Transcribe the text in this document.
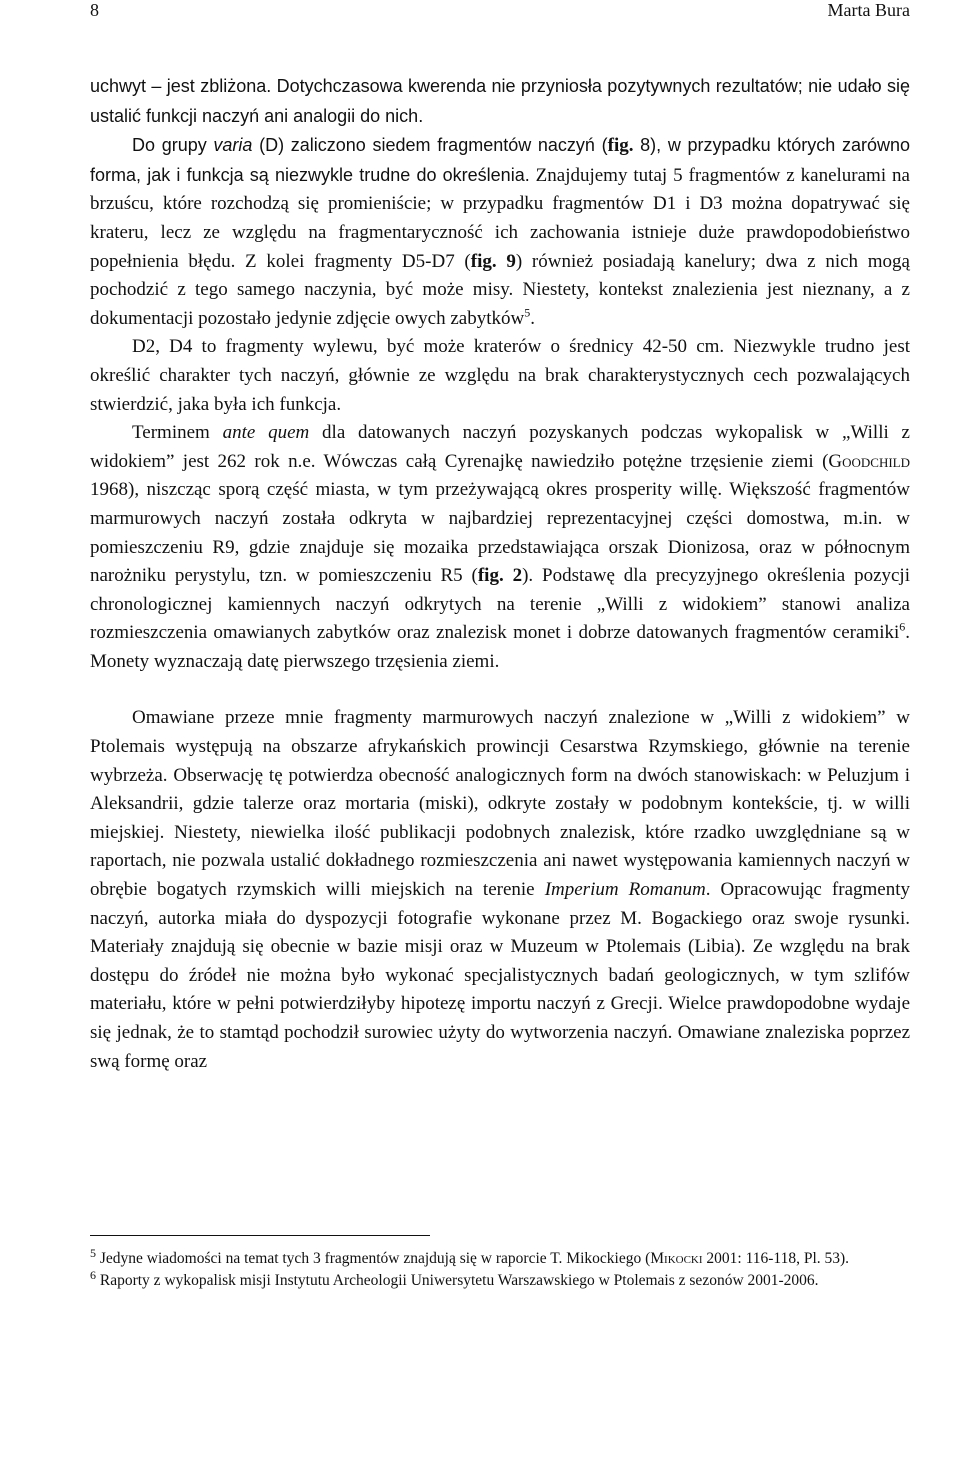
8	Marta Bura

uchwyt – jest zbliżona. Dotychczasowa kwerenda nie przyniosła pozytywnych rezultatów; nie udało się ustalić funkcji naczyń ani analogii do nich.

Do grupy varia (D) zaliczono siedem fragmentów naczyń (fig. 8), w przypadku których zarówno forma, jak i funkcja są niezwykle trudne do określenia. Znajdujemy tutaj 5 fragmentów z kanelurami na brzuścu, które rozchodzą się promieniście; w przypadku fragmentów D1 i D3 można dopatrywać się krateru, lecz ze względu na fragmentaryczność ich zachowania istnieje duże prawdopodobieństwo popełnienia błędu. Z kolei fragmenty D5-D7 (fig. 9) również posiadają kanelury; dwa z nich mogą pochodzić z tego samego naczynia, być może misy. Niestety, kontekst znalezienia jest nieznany, a z dokumentacji pozostało jedynie zdjęcie owych zabytków$^5$.

D2, D4 to fragmenty wylewu, być może kraterów o średnicy 42-50 cm. Niezwykle trudno jest określić charakter tych naczyń, głównie ze względu na brak charakterystycznych cech pozwalających stwierdzić, jaka była ich funkcja.

Terminem ante quem dla datowanych naczyń pozyskanych podczas wykopalisk w „Willi z widokiem” jest 262 rok n.e. Wówczas całą Cyrenajkę nawiedziło potężne trzęsienie ziemi (Goodchild 1968), niszcząc sporą część miasta, w tym przeżywającą okres prosperity willę. Większość fragmentów marmurowych naczyń została odkryta w najbardziej reprezentacyjnej części domostwa, m.in. w pomieszczeniu R9, gdzie znajduje się mozaika przedstawiająca orszak Dionizosa, oraz w północnym narożniku perystylu, tzn. w pomieszczeniu R5 (fig. 2). Podstawę dla precyzyjnego określenia pozycji chronologicznej kamiennych naczyń odkrytych na terenie „Willi z widokiem” stanowi analiza rozmieszczenia omawianych zabytków oraz znalezisk monet i dobrze datowanych fragmentów ceramiki$^6$. Monety wyznaczają datę pierwszego trzęsienia ziemi.

Omawiane przeze mnie fragmenty marmurowych naczyń znalezione w „Willi z widokiem” w Ptolemais występują na obszarze afrykańskich prowincji Cesarstwa Rzymskiego, głównie na terenie wybrzeża. Obserwację tę potwierdza obecność analogicznych form na dwóch stanowiskach: w Peluzjum i Aleksandrii, gdzie talerze oraz mortaria (miski), odkryte zostały w podobnym kontekście, tj. w willi miejskiej. Niestety, niewielka ilość publikacji podobnych znalezisk, które rzadko uwzględniane są w raportach, nie pozwala ustalić dokładnego rozmieszczenia ani nawet występowania kamiennych naczyń w obrębie bogatych rzymskich willi miejskich na terenie Imperium Romanum. Opracowując fragmenty naczyń, autorka miała do dyspozycji fotografie wykonane przez M. Bogackiego oraz swoje rysunki. Materiały znajdują się obecnie w bazie misji oraz w Muzeum w Ptolemais (Libia). Ze względu na brak dostępu do źródeł nie można było wykonać specjalistycznych badań geologicznych, w tym szlifów materiału, które w pełni potwierdziłyby hipotezę importu naczyń z Grecji. Wielce prawdopodobne wydaje się jednak, że to stamtąd pochodził surowiec użyty do wytworzenia naczyń. Omawiane znaleziska poprzez swą formę oraz

$^5$ Jedyne wiadomości na temat tych 3 fragmentów znajdują się w raporcie T. Mikockiego (Mikocki 2001: 116-118, Pl. 53).

$^6$ Raporty z wykopalisk misji Instytutu Archeologii Uniwersytetu Warszawskiego w Ptolemais z sezonów 2001-2006.
